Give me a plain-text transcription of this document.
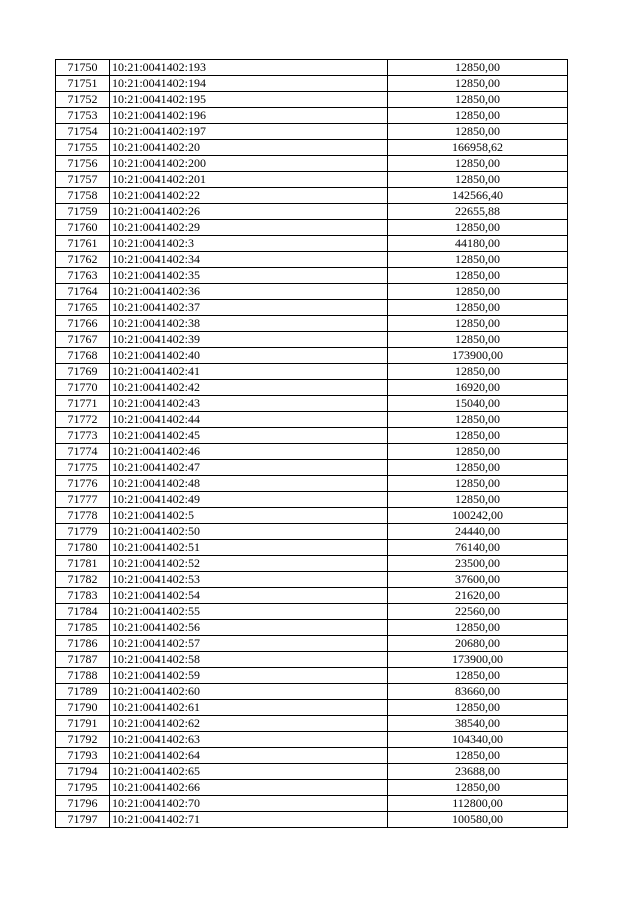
71750	10:21:0041402:193	12850,00
71751	10:21:0041402:194	12850,00
71752	10:21:0041402:195	12850,00
71753	10:21:0041402:196	12850,00
71754	10:21:0041402:197	12850,00
71755	10:21:0041402:20	166958,62
71756	10:21:0041402:200	12850,00
71757	10:21:0041402:201	12850,00
71758	10:21:0041402:22	142566,40
71759	10:21:0041402:26	22655,88
71760	10:21:0041402:29	12850,00
71761	10:21:0041402:3	44180,00
71762	10:21:0041402:34	12850,00
71763	10:21:0041402:35	12850,00
71764	10:21:0041402:36	12850,00
71765	10:21:0041402:37	12850,00
71766	10:21:0041402:38	12850,00
71767	10:21:0041402:39	12850,00
71768	10:21:0041402:40	173900,00
71769	10:21:0041402:41	12850,00
71770	10:21:0041402:42	16920,00
71771	10:21:0041402:43	15040,00
71772	10:21:0041402:44	12850,00
71773	10:21:0041402:45	12850,00
71774	10:21:0041402:46	12850,00
71775	10:21:0041402:47	12850,00
71776	10:21:0041402:48	12850,00
71777	10:21:0041402:49	12850,00
71778	10:21:0041402:5	100242,00
71779	10:21:0041402:50	24440,00
71780	10:21:0041402:51	76140,00
71781	10:21:0041402:52	23500,00
71782	10:21:0041402:53	37600,00
71783	10:21:0041402:54	21620,00
71784	10:21:0041402:55	22560,00
71785	10:21:0041402:56	12850,00
71786	10:21:0041402:57	20680,00
71787	10:21:0041402:58	173900,00
71788	10:21:0041402:59	12850,00
71789	10:21:0041402:60	83660,00
71790	10:21:0041402:61	12850,00
71791	10:21:0041402:62	38540,00
71792	10:21:0041402:63	104340,00
71793	10:21:0041402:64	12850,00
71794	10:21:0041402:65	23688,00
71795	10:21:0041402:66	12850,00
71796	10:21:0041402:70	112800,00
71797	10:21:0041402:71	100580,00
